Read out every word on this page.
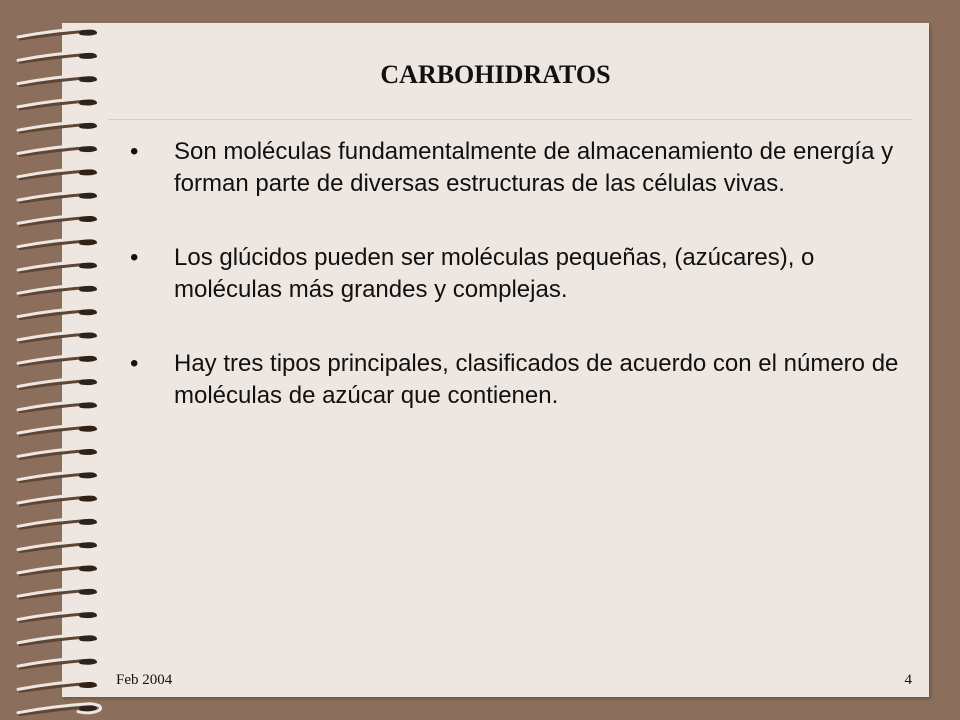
CARBOHIDRATOS
• Son moléculas fundamentalmente de almacenamiento de energía y forman parte de diversas estructuras de las células vivas.
• Los glúcidos pueden ser moléculas pequeñas, (azúcares), o moléculas más grandes y complejas.
• Hay tres tipos principales, clasificados de acuerdo con el número de moléculas de azúcar que contienen.
Feb 2004	4
